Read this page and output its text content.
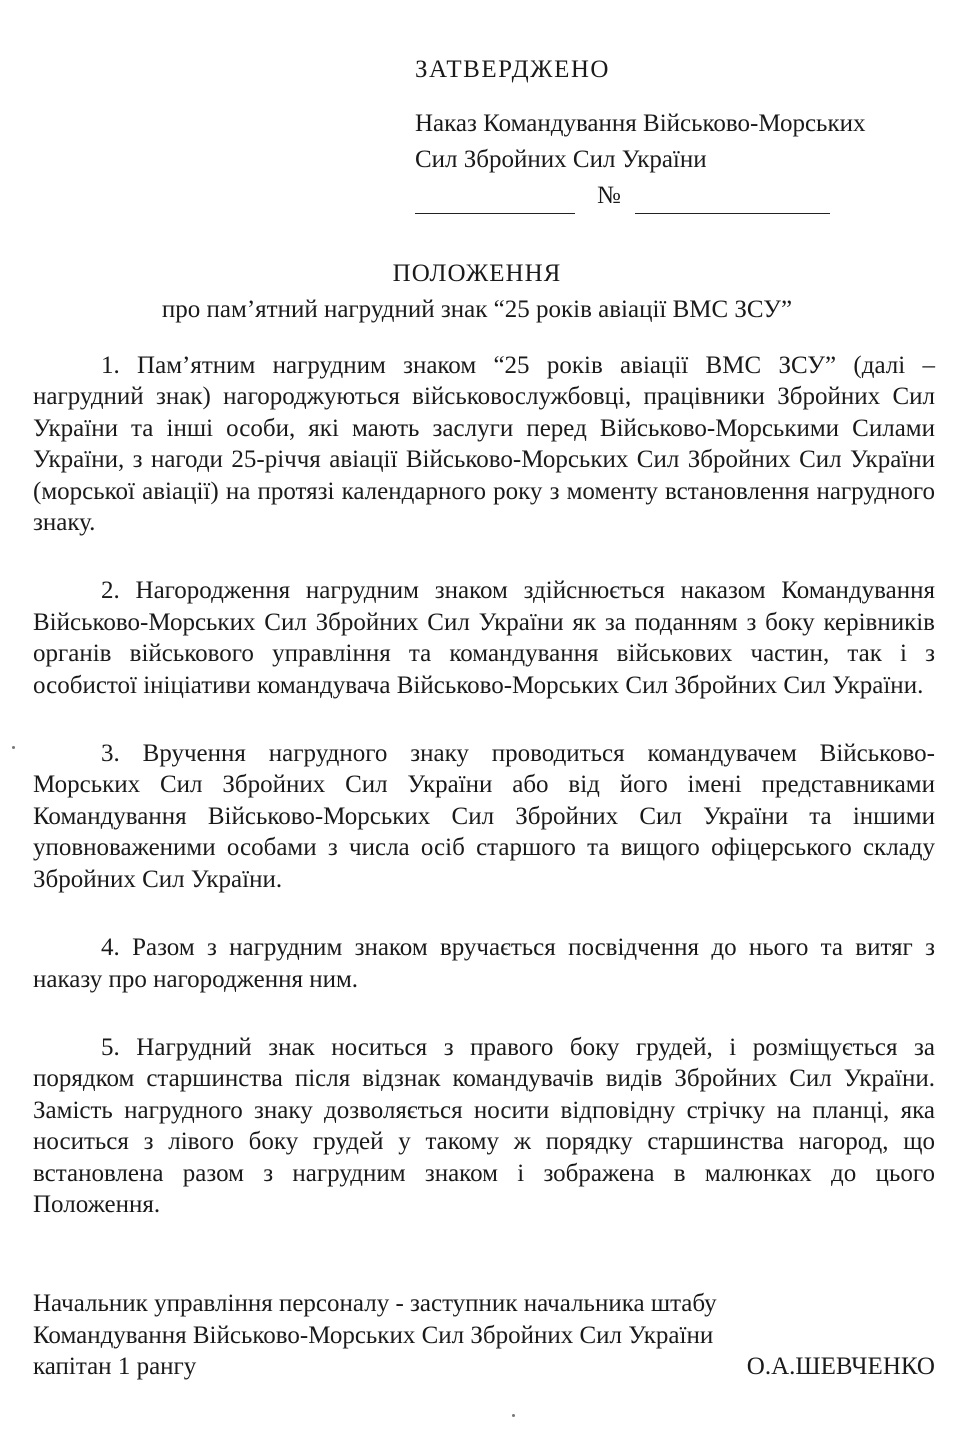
ЗАТВЕРДЖЕНО
Наказ Командування Військово-Морських
Сил Збройних Сил України
№
ПОЛОЖЕННЯ
про пам’ятний нагрудний знак “25 років авіації ВМС ЗСУ”

1. Пам’ятним нагрудним знаком “25 років авіації ВМС ЗСУ” (далі – нагрудний знак) нагороджуються військовослужбовці, працівники Збройних Сил України та інші особи, які мають заслуги перед Військово-Морськими Силами України, з нагоди 25-річчя авіації Військово-Морських Сил Збройних Сил України (морської авіації) на протязі календарного року з моменту встановлення нагрудного знаку.

2. Нагородження нагрудним знаком здійснюється наказом Командування Військово-Морських Сил Збройних Сил України як за поданням з боку керівників органів військового управління та командування військових частин, так і з особистої ініціативи командувача Військово-Морських Сил Збройних Сил України.

3. Вручення нагрудного знаку проводиться командувачем Військово-Морських Сил Збройних Сил України або від його імені представниками Командування Військово-Морських Сил Збройних Сил України та іншими уповноваженими особами з числа осіб старшого та вищого офіцерського складу Збройних Сил України.

4. Разом з нагрудним знаком вручається посвідчення до нього та витяг з наказу про нагородження ним.

5. Нагрудний знак носиться з правого боку грудей, і розміщується за порядком старшинства після відзнак командувачів видів Збройних Сил України. Замість нагрудного знаку дозволяється носити відповідну стрічку на планці, яка носиться з лівого боку грудей у такому ж порядку старшинства нагород, що встановлена разом з нагрудним знаком і зображена в малюнках до цього Положення.

Начальник управління персоналу - заступник начальника штабу
Командування Військово-Морських Сил Збройних Сил України
капітан 1 рангу	О.А.ШЕВЧЕНКО
